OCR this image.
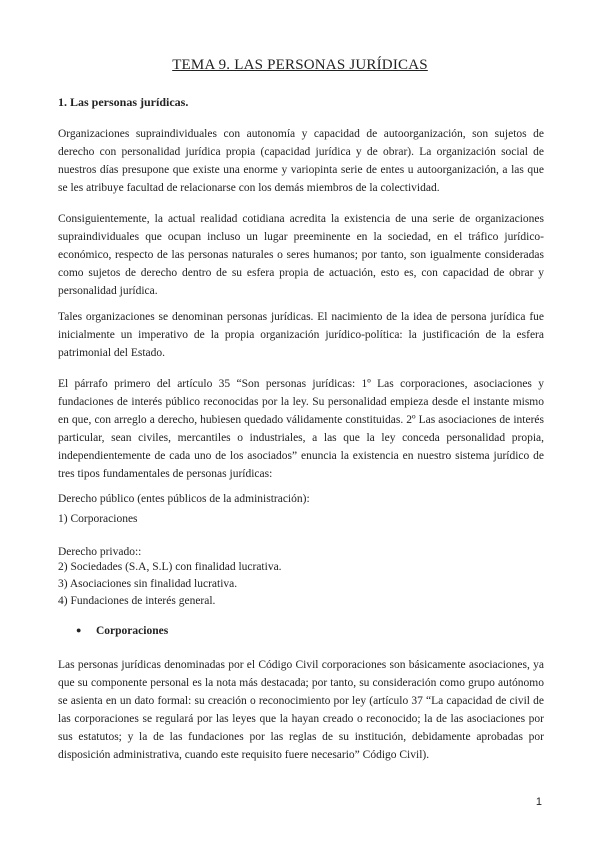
TEMA 9. LAS PERSONAS JURÍDICAS
1. Las personas jurídicas.

Organizaciones supraindividuales con autonomía y capacidad de autoorganización, son sujetos de derecho con personalidad jurídica propia (capacidad jurídica y de obrar). La organización social de nuestros días presupone que existe una enorme y variopinta serie de entes u autoorganización, a las que se les atribuye facultad de relacionarse con los demás miembros de la colectividad.

Consiguientemente, la actual realidad cotidiana acredita la existencia de una serie de organizaciones supraindividuales que ocupan incluso un lugar preeminente en la sociedad, en el tráfico jurídico-económico, respecto de las personas naturales o seres humanos; por tanto, son igualmente consideradas como sujetos de derecho dentro de su esfera propia de actuación, esto es, con capacidad de obrar y personalidad jurídica.

Tales organizaciones se denominan personas jurídicas. El nacimiento de la idea de persona jurídica fue inicialmente un imperativo de la propia organización jurídico-política: la justificación de la esfera patrimonial del Estado.

El párrafo primero del artículo 35 “Son personas jurídicas: 1º Las corporaciones, asociaciones y fundaciones de interés público reconocidas por la ley. Su personalidad empieza desde el instante mismo en que, con arreglo a derecho, hubiesen quedado válidamente constituidas. 2º Las asociaciones de interés particular, sean civiles, mercantiles o industriales, a las que la ley conceda personalidad propia, independientemente de cada uno de los asociados” enuncia la existencia en nuestro sistema jurídico de tres tipos fundamentales de personas jurídicas:

Derecho público (entes públicos de la administración):

1) Corporaciones

Derecho privado::

2) Sociedades (S.A, S.L) con finalidad lucrativa.

3) Asociaciones sin finalidad lucrativa.

4) Fundaciones de interés general.

● Corporaciones

Las personas jurídicas denominadas por el Código Civil corporaciones son básicamente asociaciones, ya que su componente personal es la nota más destacada; por tanto, su consideración como grupo autónomo se asienta en un dato formal: su creación o reconocimiento por ley (artículo 37 “La capacidad de civil de las corporaciones se regulará por las leyes que la hayan creado o reconocido; la de las asociaciones por sus estatutos; y la de las fundaciones por las reglas de su institución, debidamente aprobadas por disposición administrativa, cuando este requisito fuere necesario” Código Civil).

1
